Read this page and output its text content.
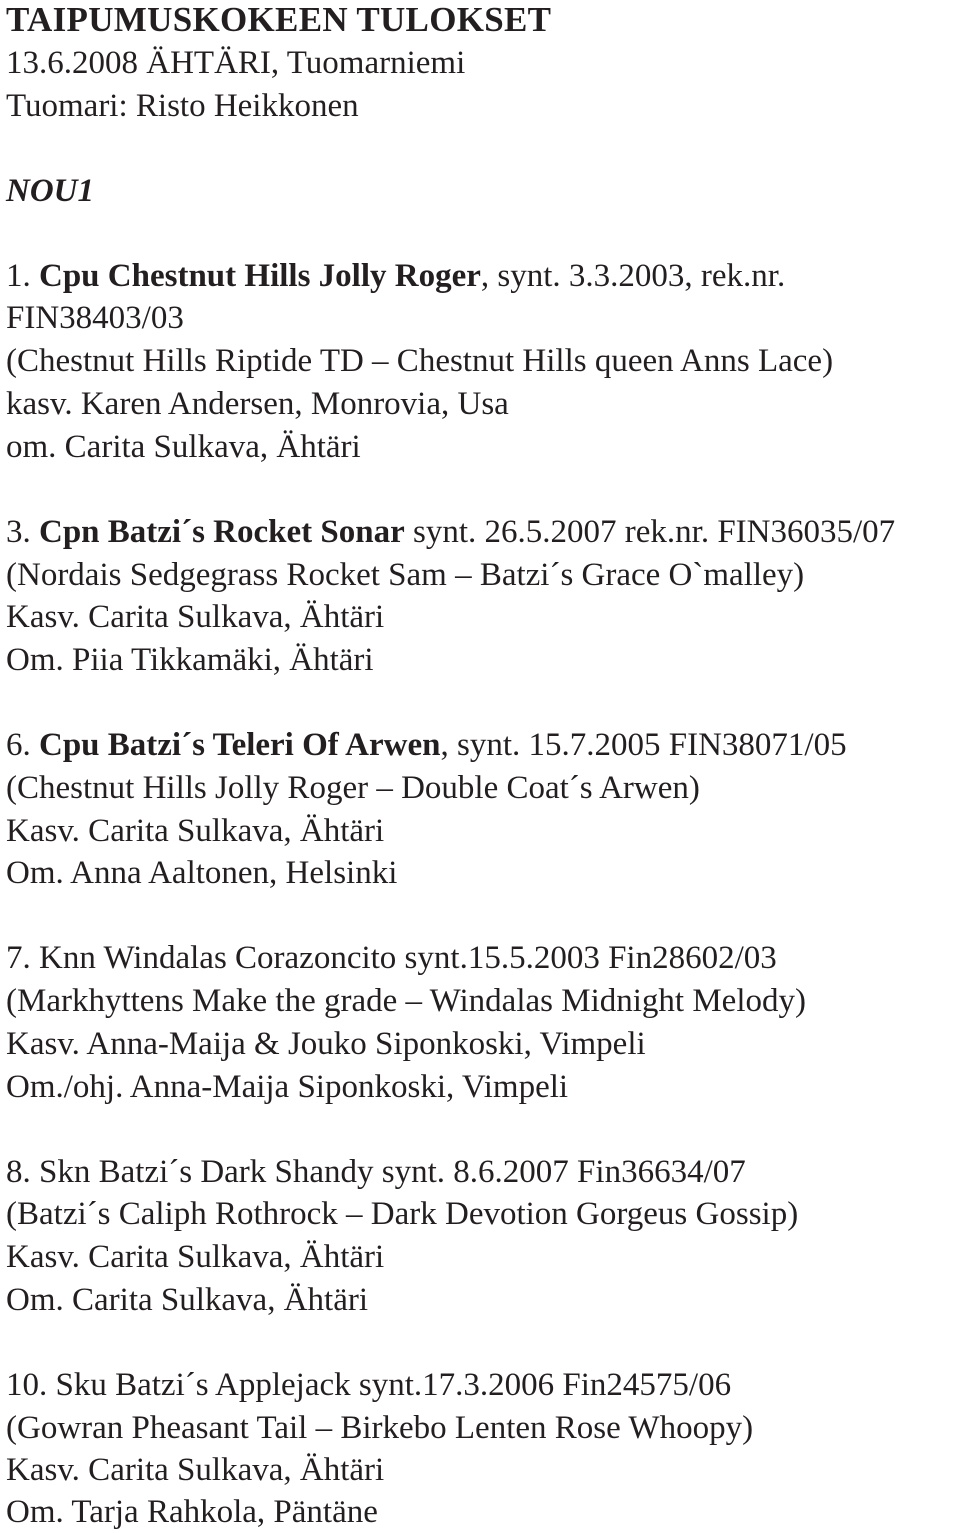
TAIPUMUSKOKEEN TULOKSET
13.6.2008 ÄHTÄRI, Tuomarniemi
Tuomari: Risto Heikkonen
NOU1
1. Cpu Chestnut Hills Jolly Roger, synt. 3.3.2003, rek.nr.
FIN38403/03
(Chestnut Hills Riptide TD – Chestnut Hills queen Anns Lace)
kasv. Karen Andersen, Monrovia, Usa
om. Carita Sulkava, Ähtäri
3. Cpn Batzi´s Rocket Sonar synt. 26.5.2007 rek.nr. FIN36035/07
(Nordais Sedgegrass Rocket Sam – Batzi´s Grace O`malley)
Kasv. Carita Sulkava, Ähtäri
Om. Piia Tikkamäki, Ähtäri
6. Cpu Batzi´s Teleri Of Arwen, synt. 15.7.2005 FIN38071/05
(Chestnut Hills Jolly Roger – Double Coat´s Arwen)
Kasv. Carita Sulkava, Ähtäri
Om. Anna Aaltonen, Helsinki
7. Knn Windalas Corazoncito synt.15.5.2003 Fin28602/03
(Markhyttens Make the grade – Windalas Midnight Melody)
Kasv. Anna-Maija & Jouko Siponkoski, Vimpeli
Om./ohj. Anna-Maija Siponkoski, Vimpeli
8. Skn Batzi´s Dark Shandy synt. 8.6.2007 Fin36634/07
(Batzi´s Caliph Rothrock – Dark Devotion Gorgeus Gossip)
Kasv. Carita Sulkava, Ähtäri
Om. Carita Sulkava, Ähtäri
10. Sku Batzi´s Applejack synt.17.3.2006 Fin24575/06
(Gowran Pheasant Tail – Birkebo Lenten Rose Whoopy)
Kasv. Carita Sulkava, Ähtäri
Om. Tarja Rahkola, Päntäne
